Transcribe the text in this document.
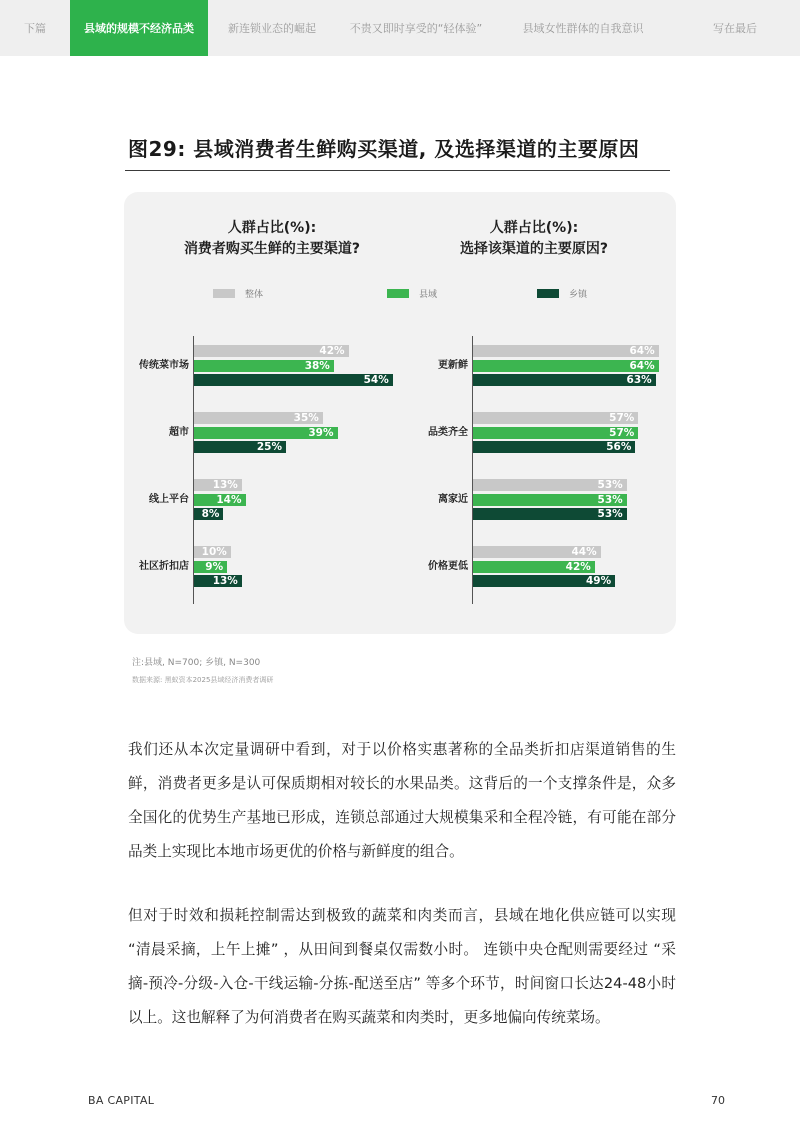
下篇	县域的规模不经济品类	新连锁业态的崛起	不贵又即时享受的“轻体验”	县域女性群体的自我意识	写在最后
图29: 县域消费者生鲜购买渠道, 及选择渠道的主要原因
人群占比(%):
消费者购买生鲜的主要渠道?
人群占比(%):
选择该渠道的主要原因?
整体	县域	乡镇
传统菜市场
42%
38%
54%
超市
35%
39%
25%
线上平台
13%
14%
8%
社区折扣店
10%
9%
13%
更新鲜
64%
64%
63%
品类齐全
57%
57%
56%
离家近
53%
53%
53%
价格更低
44%
42%
49%
注:县域, N=700; 乡镇, N=300
数据来源: 黑蚁资本2025县域经济消费者调研

我们还从本次定量调研中看到，对于以价格实惠著称的全品类折扣店渠道销售的生鲜，消费者更多是认可保质期相对较长的水果品类。这背后的一个支撑条件是，众多全国化的优势生产基地已形成，连锁总部通过大规模集采和全程冷链，有可能在部分品类上实现比本地市场更优的价格与新鲜度的组合。

但对于时效和损耗控制需达到极致的蔬菜和肉类而言，县域在地化供应链可以实现 “清晨采摘，上午上摊” ，从田间到餐桌仅需数小时。 连锁中央仓配则需要经过 “采摘-预冷-分级-入仓-干线运输-分拣-配送至店” 等多个环节，时间窗口长达24-48小时以上。这也解释了为何消费者在购买蔬菜和肉类时，更多地偏向传统菜场。

BA CAPITAL	70
